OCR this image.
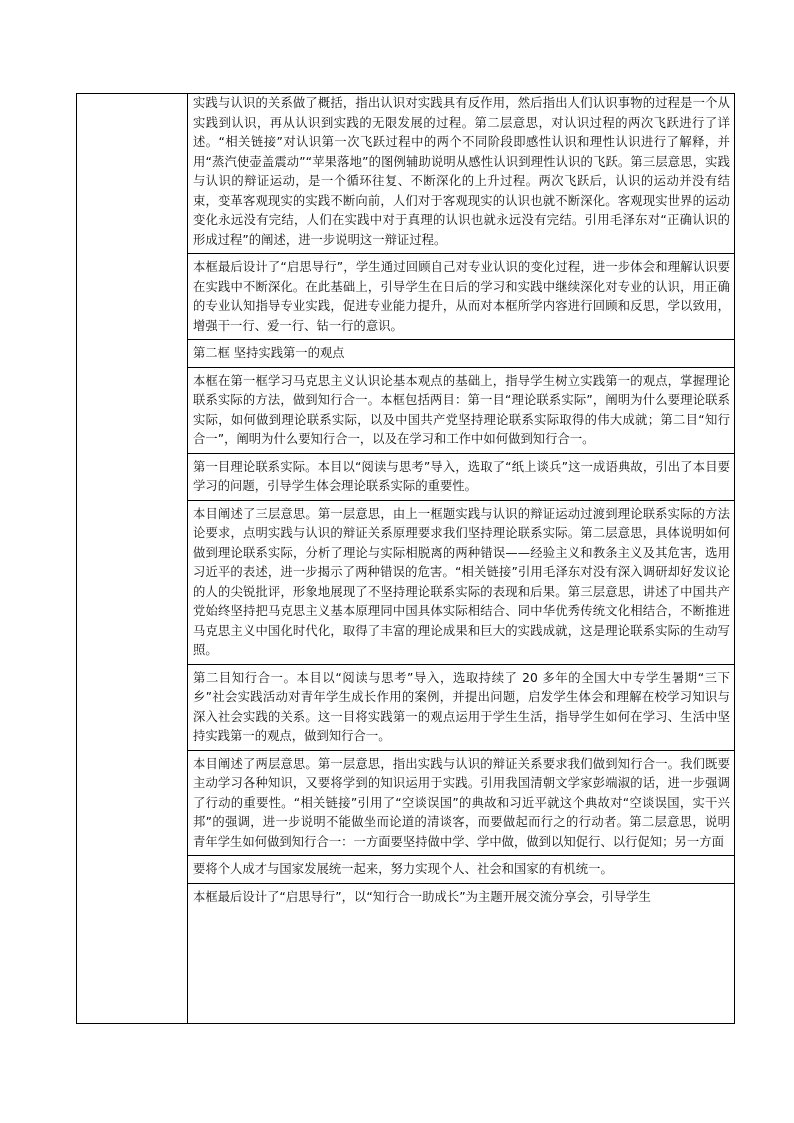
实践与认识的关系做了概括，指出认识对实践具有反作用，然后指出人们认识事物的过程是一个从实践到认识，再从认识到实践的无限发展的过程。第二层意思，对认识过程的两次飞跃进行了详述。“相关链接”对认识第一次飞跃过程中的两个不同阶段即感性认识和理性认识进行了解释，并用“蒸汽使壶盖震动”“苹果落地”的图例辅助说明从感性认识到理性认识的飞跃。第三层意思，实践与认识的辩证运动，是一个循环往复、不断深化的上升过程。两次飞跃后，认识的运动并没有结束，变革客观现实的实践不断向前，人们对于客观现实的认识也就不断深化。客观现实世界的运动变化永远没有完结，人们在实践中对于真理的认识也就永远没有完结。引用毛泽东对“正确认识的形成过程”的阐述，进一步说明这一辩证过程。

本框最后设计了“启思导行”，学生通过回顾自己对专业认识的变化过程，进一步体会和理解认识要在实践中不断深化。在此基础上，引导学生在日后的学习和实践中继续深化对专业的认识，用正确的专业认知指导专业实践，促进专业能力提升，从而对本框所学内容进行回顾和反思，学以致用，增强干一行、爱一行、钻一行的意识。

第二框 坚持实践第一的观点

本框在第一框学习马克思主义认识论基本观点的基础上，指导学生树立实践第一的观点，掌握理论联系实际的方法，做到知行合一。本框包括两目：第一目“理论联系实际”，阐明为什么要理论联系实际，如何做到理论联系实际，以及中国共产党坚持理论联系实际取得的伟大成就；第二目“知行合一”，阐明为什么要知行合一，以及在学习和工作中如何做到知行合一。

第一目理论联系实际。本目以“阅读与思考”导入，选取了“纸上谈兵”这一成语典故，引出了本目要学习的问题，引导学生体会理论联系实际的重要性。

本目阐述了三层意思。第一层意思，由上一框题实践与认识的辩证运动过渡到理论联系实际的方法论要求，点明实践与认识的辩证关系原理要求我们坚持理论联系实际。第二层意思，具体说明如何做到理论联系实际，分析了理论与实际相脱离的两种错误——经验主义和教条主义及其危害，选用习近平的表述，进一步揭示了两种错误的危害。“相关链接”引用毛泽东对没有深入调研却好发议论的人的尖锐批评，形象地展现了不坚持理论联系实际的表现和后果。第三层意思，讲述了中国共产党始终坚持把马克思主义基本原理同中国具体实际相结合、同中华优秀传统文化相结合，不断推进马克思主义中国化时代化，取得了丰富的理论成果和巨大的实践成就，这是理论联系实际的生动写照。

第二目知行合一。本目以“阅读与思考”导入，选取持续了 20 多年的全国大中专学生暑期“三下乡”社会实践活动对青年学生成长作用的案例，并提出问题，启发学生体会和理解在校学习知识与深入社会实践的关系。这一目将实践第一的观点运用于学生生活，指导学生如何在学习、生活中坚持实践第一的观点，做到知行合一。

本目阐述了两层意思。第一层意思，指出实践与认识的辩证关系要求我们做到知行合一。我们既要主动学习各种知识，又要将学到的知识运用于实践。引用我国清朝文学家彭端淑的话，进一步强调了行动的重要性。“相关链接”引用了“空谈误国”的典故和习近平就这个典故对“空谈误国，实干兴邦”的强调，进一步说明不能做坐而论道的清谈客，而要做起而行之的行动者。第二层意思，说明青年学生如何做到知行合一：一方面要坚持做中学、学中做，做到以知促行、以行促知；另一方面

要将个人成才与国家发展统一起来，努力实现个人、社会和国家的有机统一。

本框最后设计了“启思导行”，以“知行合一助成长”为主题开展交流分享会，引导学生
